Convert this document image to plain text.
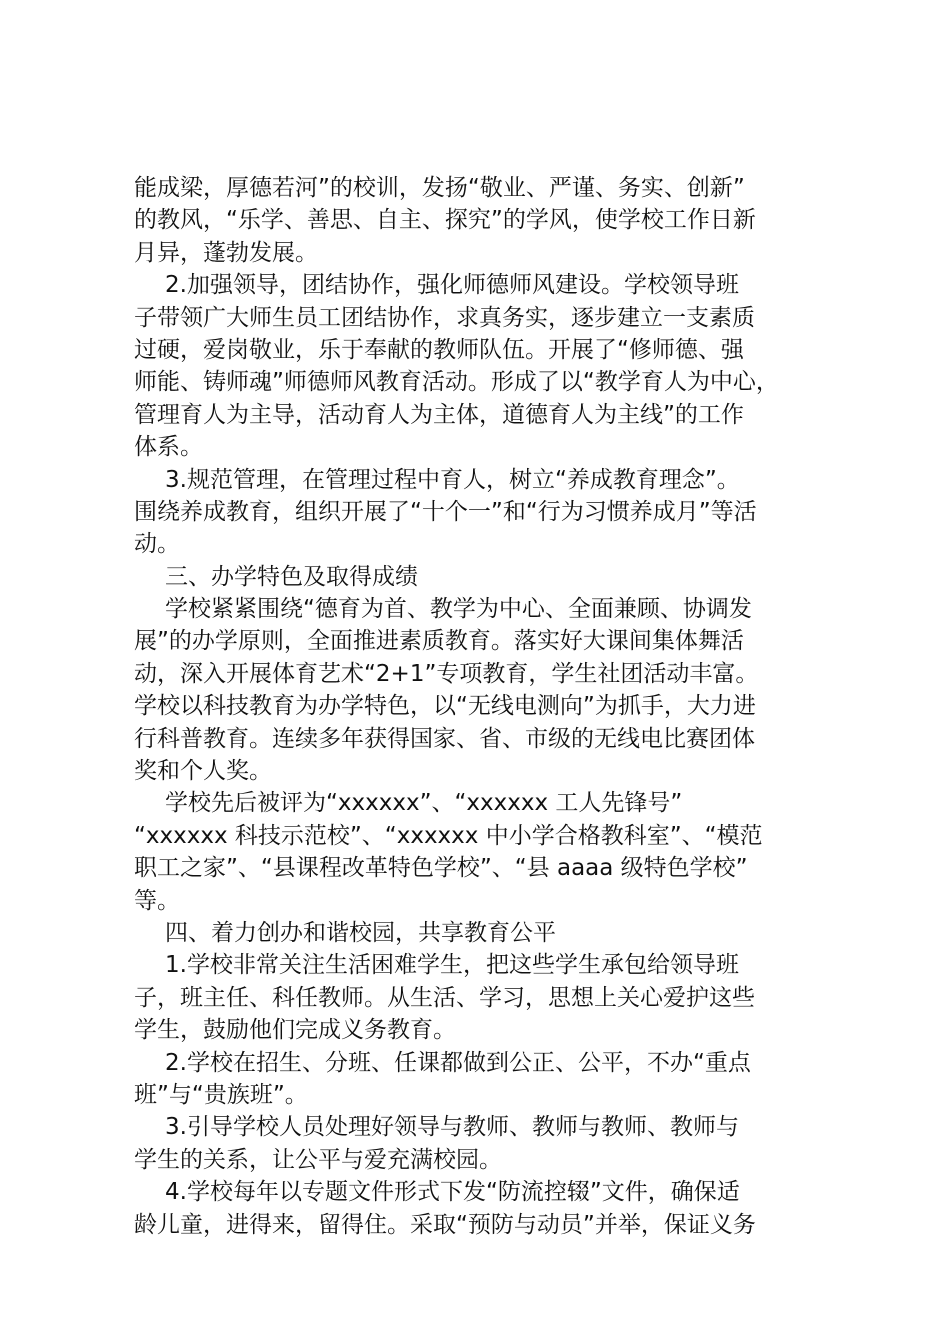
能成梁，厚德若河”的校训，发扬“敬业、严谨、务实、创新”
的教风，“乐学、善思、自主、探究”的学风，使学校工作日新
月异，蓬勃发展。
2.加强领导，团结协作，强化师德师风建设。学校领导班
子带领广大师生员工团结协作，求真务实，逐步建立一支素质
过硬，爱岗敬业，乐于奉献的教师队伍。开展了“修师德、强
师能、铸师魂”师德师风教育活动。形成了以“教学育人为中心，
管理育人为主导，活动育人为主体，道德育人为主线”的工作
体系。
3.规范管理，在管理过程中育人，树立“养成教育理念”。
围绕养成教育，组织开展了“十个一”和“行为习惯养成月”等活
动。
三、办学特色及取得成绩
学校紧紧围绕“德育为首、教学为中心、全面兼顾、协调发
展”的办学原则，全面推进素质教育。落实好大课间集体舞活
动，深入开展体育艺术“2+1”专项教育，学生社团活动丰富。
学校以科技教育为办学特色，以“无线电测向”为抓手，大力进
行科普教育。连续多年获得国家、省、市级的无线电比赛团体
奖和个人奖。
学校先后被评为“xxxxxx”、“xxxxxx 工人先锋号”
“xxxxxx 科技示范校”、“xxxxxx 中小学合格教科室”、“模范
职工之家”、“县课程改革特色学校”、“县 aaaa 级特色学校”
等。
四、着力创办和谐校园，共享教育公平
1.学校非常关注生活困难学生，把这些学生承包给领导班
子，班主任、科任教师。从生活、学习，思想上关心爱护这些
学生，鼓励他们完成义务教育。
2.学校在招生、分班、任课都做到公正、公平，不办“重点
班”与“贵族班”。
3.引导学校人员处理好领导与教师、教师与教师、教师与
学生的关系，让公平与爱充满校园。
4.学校每年以专题文件形式下发“防流控辍”文件，确保适
龄儿童，进得来，留得住。采取“预防与动员”并举，保证义务
